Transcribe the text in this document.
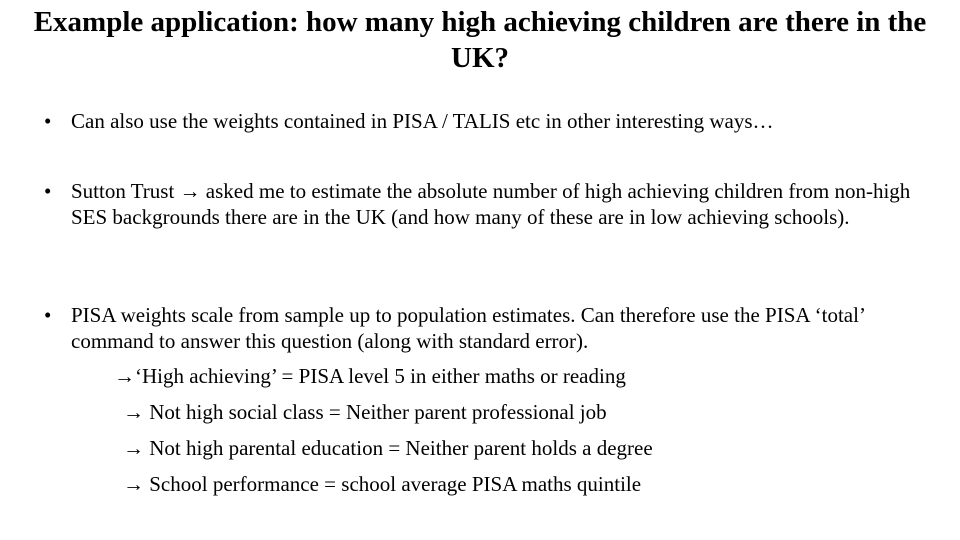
Example application: how many high achieving children are there in the UK?
• Can also use the weights contained in PISA / TALIS etc in other interesting ways…
• Sutton Trust → asked me to estimate the absolute number of high achieving children from non-high SES backgrounds there are in the UK (and how many of these are in low achieving schools).
• PISA weights scale from sample up to population estimates. Can therefore use the PISA ‘total’ command to answer this question (along with standard error).
→‘High achieving’ = PISA level 5 in either maths or reading
→ Not high social class = Neither parent professional job
→ Not high parental education = Neither parent holds a degree
→ School performance = school average PISA maths quintile
